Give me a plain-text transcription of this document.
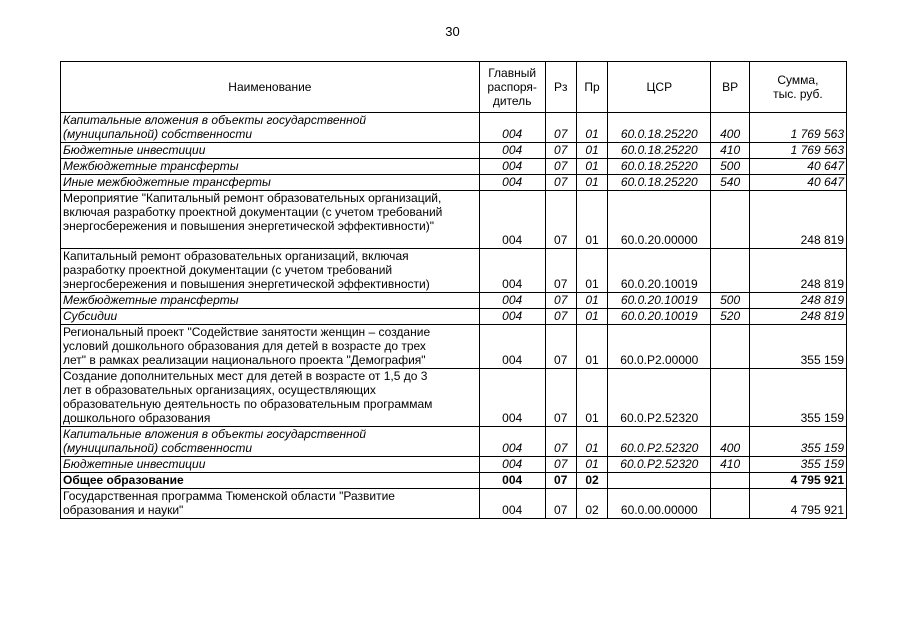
30
Наименование	Главный
распоря-
дитель	Рз	Пр	ЦСР	ВР	Сумма,
тыс. руб.

Капитальные вложения в объекты государственной
(муниципальной) собственности	004	07	01	60.0.18.25220	400	1 769 563

Бюджетные инвестиции	004	07	01	60.0.18.25220	410	1 769 563

Межбюджетные трансферты	004	07	01	60.0.18.25220	500	40 647

Иные межбюджетные трансферты	004	07	01	60.0.18.25220	540	40 647

Мероприятие "Капитальный ремонт образовательных организаций,
включая разработку проектной документации (с учетом требований
энергосбережения и повышения энергетической эффективности)"	004	07	01	60.0.20.00000		248 819

Капитальный ремонт образовательных организаций, включая
разработку проектной документации (с учетом требований
энергосбережения и повышения энергетической эффективности)	004	07	01	60.0.20.10019		248 819

Межбюджетные трансферты	004	07	01	60.0.20.10019	500	248 819

Субсидии	004	07	01	60.0.20.10019	520	248 819

Региональный проект "Содействие занятости женщин – создание
условий дошкольного образования для детей в возрасте до трех
лет" в рамках реализации национального проекта "Демография"	004	07	01	60.0.P2.00000		355 159

Создание дополнительных мест для детей в возрасте от 1,5 до 3
лет в образовательных организациях, осуществляющих
образовательную деятельность по образовательным программам
дошкольного образования	004	07	01	60.0.P2.52320		355 159

Капитальные вложения в объекты государственной
(муниципальной) собственности	004	07	01	60.0.P2.52320	400	355 159

Бюджетные инвестиции	004	07	01	60.0.P2.52320	410	355 159

Общее образование	004	07	02			4 795 921

Государственная программа Тюменской области "Развитие
образования и науки"	004	07	02	60.0.00.00000		4 795 921
